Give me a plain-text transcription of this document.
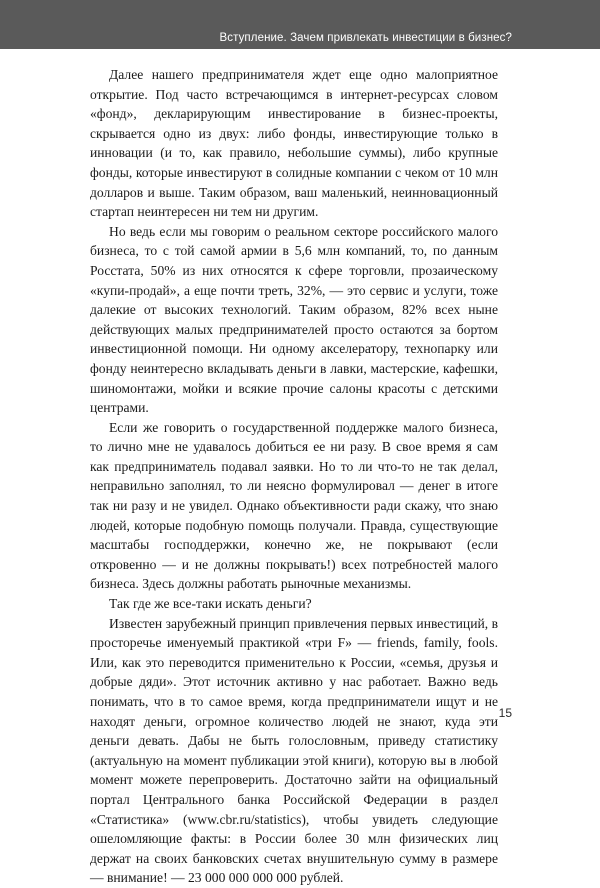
Вступление. Зачем привлекать инвестиции в бизнес?

Далее нашего предпринимателя ждет еще одно малоприятное открытие. Под часто встречающимся в интернет-ресурсах словом «фонд», декларирующим инвестирование в бизнес-проекты, скрывается одно из двух: либо фонды, инвестирующие только в инновации (и то, как правило, небольшие суммы), либо крупные фонды, которые инвестируют в солидные компании с чеком от 10 млн долларов и выше. Таким образом, ваш маленький, неинновационный стартап неинтересен ни тем ни другим.

Но ведь если мы говорим о реальном секторе российского малого бизнеса, то с той самой армии в 5,6 млн компаний, то, по данным Росстата, 50% из них относятся к сфере торговли, прозаическому «купи-продай», а еще почти треть, 32%, — это сервис и услуги, тоже далекие от высоких технологий. Таким образом, 82% всех ныне действующих малых предпринимателей просто остаются за бортом инвестиционной помощи. Ни одному акселератору, технопарку или фонду неинтересно вкладывать деньги в лавки, мастерские, кафешки, шиномонтажи, мойки и всякие прочие салоны красоты с детскими центрами.

Если же говорить о государственной поддержке малого бизнеса, то лично мне не удавалось добиться ее ни разу. В свое время я сам как предприниматель подавал заявки. Но то ли что-то не так делал, неправильно заполнял, то ли неясно формулировал — денег в итоге так ни разу и не увидел. Однако объективности ради скажу, что знаю людей, которые подобную помощь получали. Правда, существующие масштабы господдержки, конечно же, не покрывают (если откровенно — и не должны покрывать!) всех потребностей малого бизнеса. Здесь должны работать рыночные механизмы.

Так где же все-таки искать деньги?

Известен зарубежный принцип привлечения первых инвестиций, в просторечье именуемый практикой «три F» — friends, family, fools. Или, как это переводится применительно к России, «семья, друзья и добрые дяди». Этот источник активно у нас работает. Важно ведь понимать, что в то самое время, когда предприниматели ищут и не находят деньги, огромное количество людей не знают, куда эти деньги девать. Дабы не быть голословным, приведу статистику (актуальную на момент публикации этой книги), которую вы в любой момент можете перепроверить. Достаточно зайти на официальный портал Центрального банка Российской Федерации в раздел «Статистика» (www.cbr.ru/statistics), чтобы увидеть следующие ошеломляющие факты: в России более 30 млн физических лиц держат на своих банковских счетах внушительную сумму в размере — внимание! — 23 000 000 000 000 рублей.

15
